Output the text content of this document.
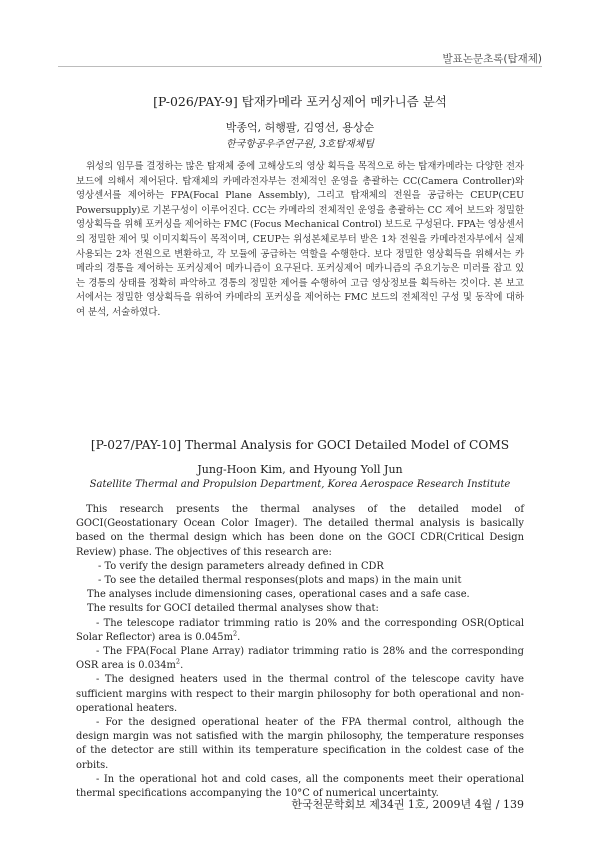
발표논문초록(탑재체)
[P-026/PAY-9] 탑재카메라 포커싱제어 메카니즘 분석
박종억, 허행팔, 김영선, 용상순
한국항공우주연구원, 3호탑재체팀

위성의 임무를 결정하는 많은 탑재체 중에 고해상도의 영상 획득을 목적으로 하는 탑재카메라는 다양한 전자보드에 의해서 제어된다. 탑재체의 카메라전자부는 전체적인 운영을 총괄하는 CC(Camera Controller)와 영상센서를 제어하는 FPA(Focal Plane Assembly), 그리고 탑재체의 전원을 공급하는 CEUP(CEU Powersupply)로 기본구성이 이루어진다. CC는 카메라의 전체적인 운영을 총괄하는 CC 제어 보드와 정밀한 영상획득을 위해 포커싱을 제어하는 FMC (Focus Mechanical Control) 보드로 구성된다. FPA는 영상센서의 정밀한 제어 및 이미지획득이 목적이며, CEUP는 위성본체로부터 받은 1차 전원을 카메라전자부에서 실제 사용되는 2차 전원으로 변환하고, 각 모듈에 공급하는 역할을 수행한다. 보다 정밀한 영상획득을 위해서는 카메라의 경통을 제어하는 포커싱제어 메카니즘이 요구된다. 포커싱제어 메카니즘의 주요기능은 미러를 잡고 있는 경통의 상태를 정확히 파악하고 경통의 정밀한 제어를 수행하여 고급 영상정보를 획득하는 것이다. 본 보고서에서는 정밀한 영상획득을 위하여 카메라의 포커싱을 제어하는 FMC 보드의 전체적인 구성 및 동작에 대하여 분석, 서술하였다.

[P-027/PAY-10] Thermal Analysis for GOCI Detailed Model of COMS
Jung-Hoon Kim, and Hyoung Yoll Jun
Satellite Thermal and Propulsion Department, Korea Aerospace Research Institute
This research presents the thermal analyses of the detailed model of GOCI(Geostationary Ocean Color Imager). The detailed thermal analysis is basically based on the thermal design which has been done on the GOCI CDR(Critical Design Review) phase. The objectives of this research are:
- To verify the design parameters already defined in CDR
- To see the detailed thermal responses(plots and maps) in the main unit
The analyses include dimensioning cases, operational cases and a safe case.
The results for GOCI detailed thermal analyses show that:
- The telescope radiator trimming ratio is 20% and the corresponding OSR(Optical Solar Reflector) area is $0.045m^2$.
- The FPA(Focal Plane Array) radiator trimming ratio is 28% and the corresponding OSR area is $0.034m^2$.
- The designed heaters used in the thermal control of the telescope cavity have sufficient margins with respect to their margin philosophy for both operational and non-operational heaters.
- For the designed operational heater of the FPA thermal control, although the design margin was not satisfied with the margin philosophy, the temperature responses of the detector are still within its temperature specification in the coldest case of the orbits.
- In the operational hot and cold cases, all the components meet their operational thermal specifications accompanying the 10°C of numerical uncertainty.
한국천문학회보 제34권 1호, 2009년 4월 / 139
